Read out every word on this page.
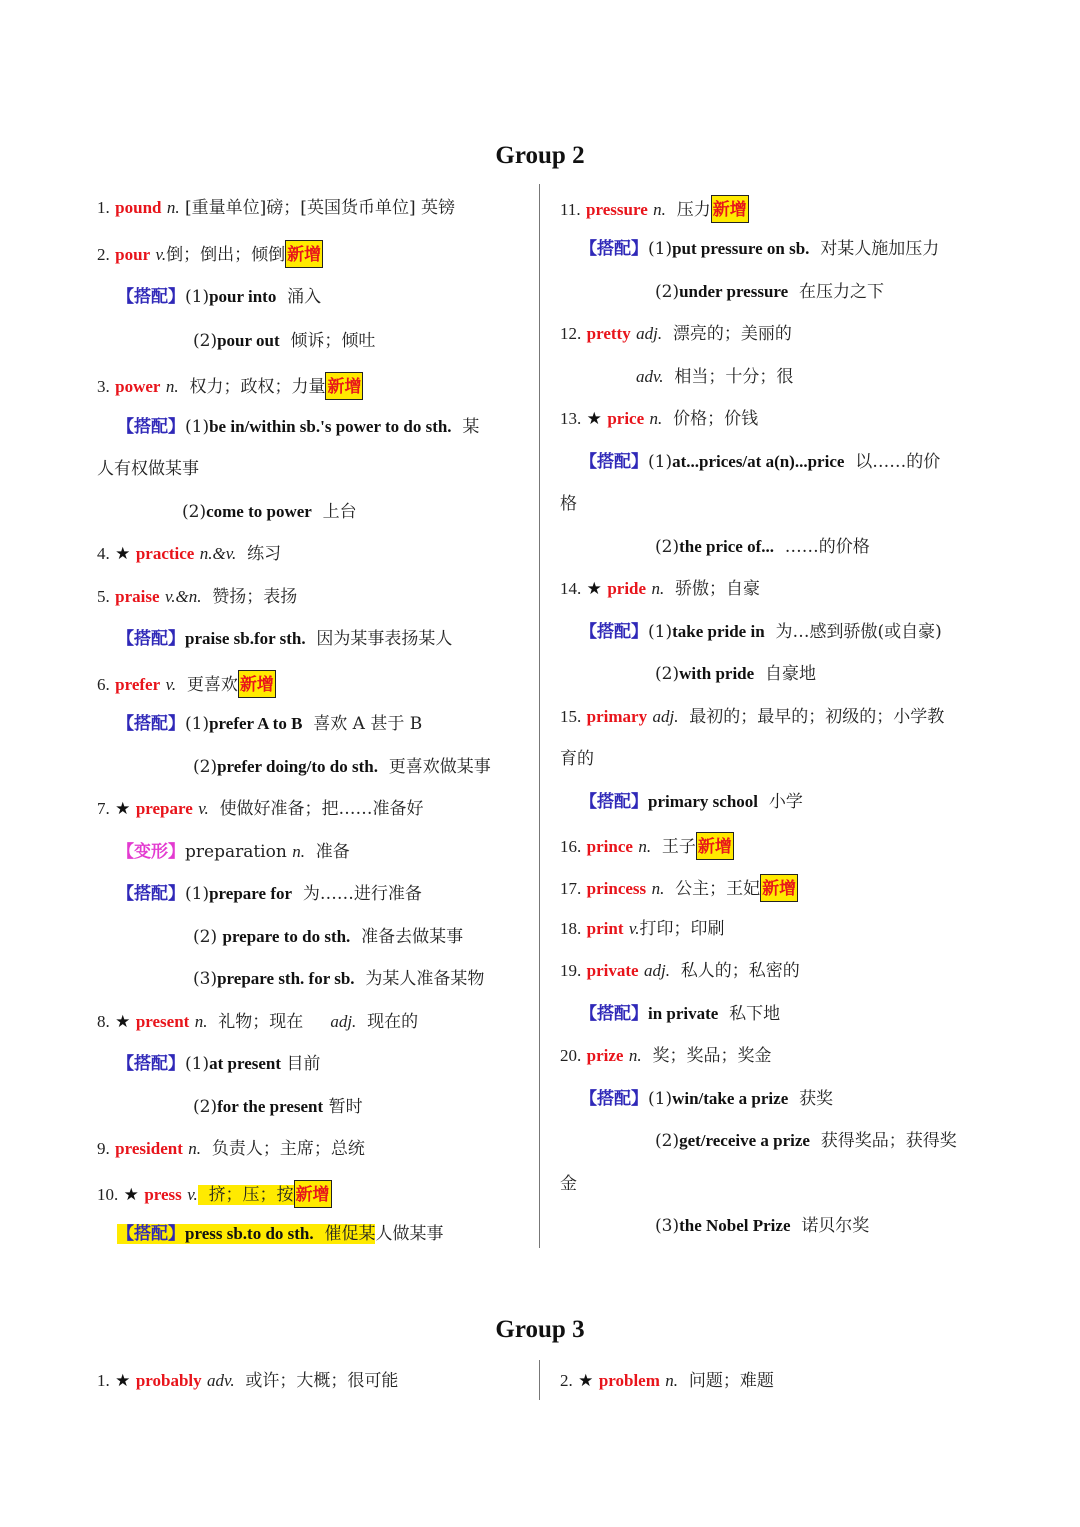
Group 2
1. pound n. [重量单位]磅；[英国货币单位] 英镑
2. pour v.倒；倒出；倾倒 新增
【搭配】(1)pour into 涌入
(2)pour out 倾诉；倾吐
3. power n. 权力；政权；力量 新增
【搭配】(1)be in/within sb.'s power to do sth. 某
人有权做某事
(2)come to power 上台
4. ★ practice n.&v. 练习
5. praise v.&n. 赞扬；表扬
【搭配】praise sb.for sth. 因为某事表扬某人
6. prefer v. 更喜欢 新增
【搭配】(1)prefer A to B 喜欢 A 甚于 B
(2)prefer doing/to do sth. 更喜欢做某事
7. ★ prepare v. 使做好准备；把……准备好
【变形】preparation n. 准备
【搭配】(1)prepare for 为……进行准备
(2) prepare to do sth. 准备去做某事
(3)prepare sth. for sb. 为某人准备某物
8. ★ present n. 礼物；现在 adj. 现在的
【搭配】(1)at present 目前
(2)for the present 暂时
9. president n. 负责人；主席；总统
10. ★ press v. 挤；压；按 新增
【搭配】press sb.to do sth. 催促某人做某事
11. pressure n. 压力 新增
【搭配】(1)put pressure on sb. 对某人施加压力
(2)under pressure 在压力之下
12. pretty adj. 漂亮的；美丽的
adv. 相当；十分；很
13. ★ price n. 价格；价钱
【搭配】(1)at...prices/at a(n)...price 以……的价
格
(2)the price of... ……的价格
14. ★ pride n. 骄傲；自豪
【搭配】(1)take pride in 为…感到骄傲(或自豪)
(2)with pride 自豪地
15. primary adj. 最初的；最早的；初级的；小学教
育的
【搭配】primary school 小学
16. prince n. 王子 新增
17. princess n. 公主；王妃 新增
18. print v.打印；印刷
19. private adj. 私人的；私密的
【搭配】in private 私下地
20. prize n. 奖；奖品；奖金
【搭配】(1)win/take a prize 获奖
(2)get/receive a prize 获得奖品；获得奖
金
(3)the Nobel Prize 诺贝尔奖
Group 3
1. ★ probably adv. 或许；大概；很可能	2. ★ problem n. 问题；难题
